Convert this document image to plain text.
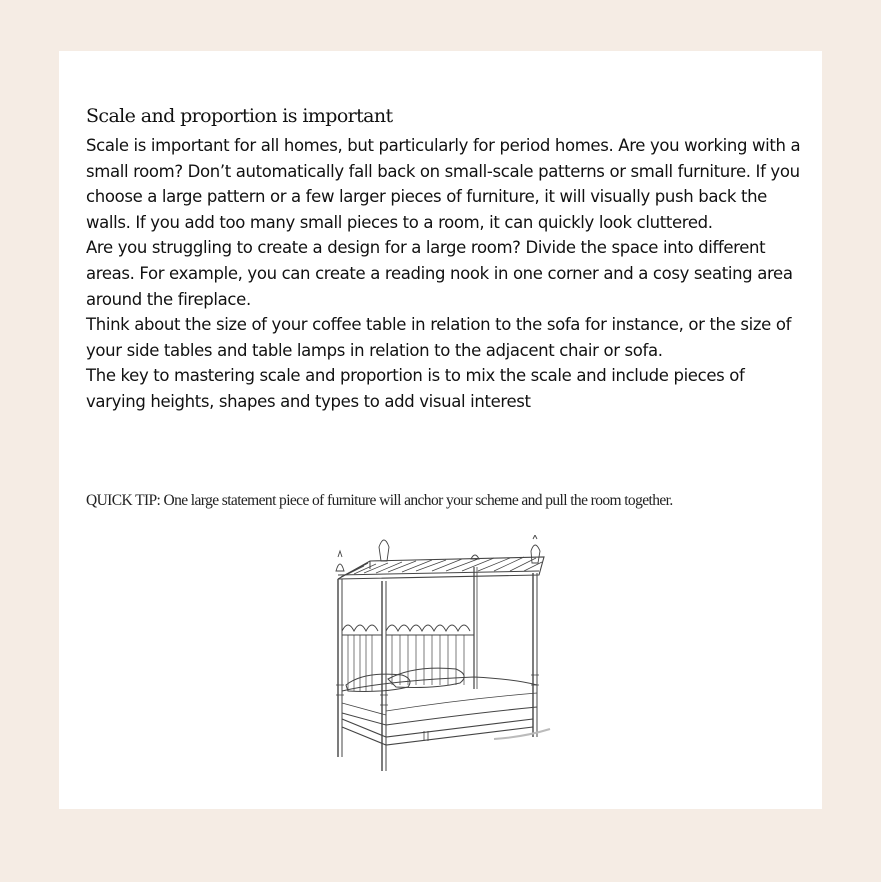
Scale and proportion is important

Scale is important for all homes, but particularly for period homes. Are you working with a small room? Don’t automatically fall back on small-scale patterns or small furniture. If you choose a large pattern or a few larger pieces of furniture, it will visually push back the walls. If you add too many small pieces to a room, it can quickly look cluttered.

Are you struggling to create a design for a large room? Divide the space into different areas. For example, you can create a reading nook in one corner and a cosy seating area around the fireplace.

Think about the size of your coffee table in relation to the sofa for instance, or the size of your side tables and table lamps in relation to the adjacent chair or sofa.

The key to mastering scale and proportion is to mix the scale and include pieces of varying heights, shapes and types to add visual interest

QUICK TIP: One large statement piece of furniture will anchor your scheme and pull the room together.
